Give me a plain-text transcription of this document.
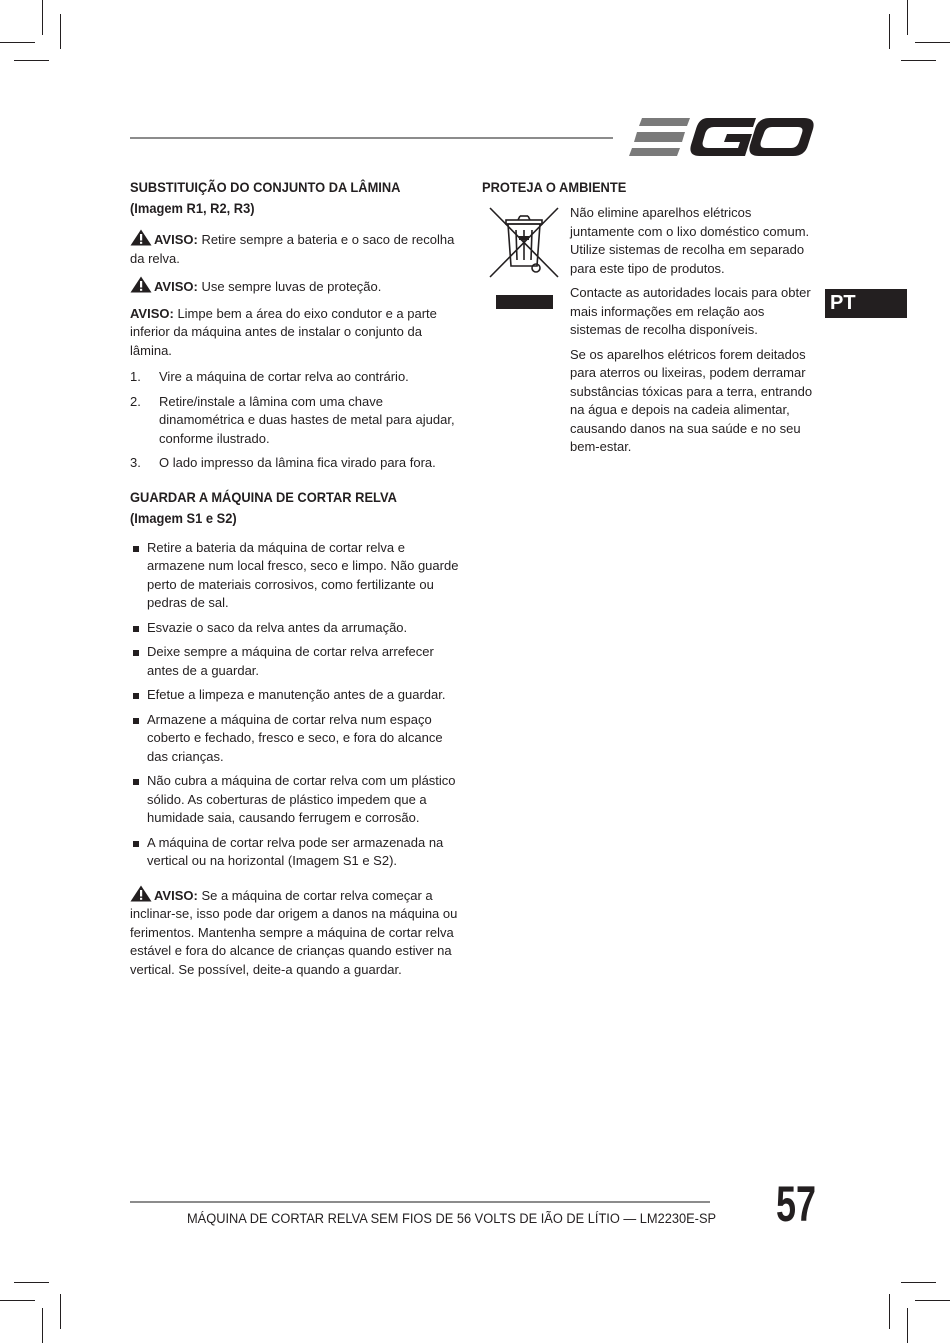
PT
SUBSTITUIÇÃO DO CONJUNTO DA LÂMINA
(Imagem R1, R2, R3)

AVISO: Retire sempre a bateria e o saco de recolha da relva.

AVISO: Use sempre luvas de proteção.

AVISO: Limpe bem a área do eixo condutor e a parte inferior da máquina antes de instalar o conjunto da lâmina.

1. Vire a máquina de cortar relva ao contrário.
2. Retire/instale a lâmina com uma chave dinamométrica e duas hastes de metal para ajudar, conforme ilustrado.
3. O lado impresso da lâmina fica virado para fora.
GUARDAR A MÁQUINA DE CORTAR RELVA
(Imagem S1 e S2)
Retire a bateria da máquina de cortar relva e armazene num local fresco, seco e limpo. Não guarde perto de materiais corrosivos, como fertilizante ou pedras de sal.
Esvazie o saco da relva antes da arrumação.
Deixe sempre a máquina de cortar relva arrefecer antes de a guardar.
Efetue a limpeza e manutenção antes de a guardar.
Armazene a máquina de cortar relva num espaço coberto e fechado, fresco e seco, e fora do alcance das crianças.
Não cubra a máquina de cortar relva com um plástico sólido. As coberturas de plástico impedem que a humidade saia, causando ferrugem e corrosão.
A máquina de cortar relva pode ser armazenada na vertical ou na horizontal (Imagem S1 e S2).

AVISO: Se a máquina de cortar relva começar a inclinar-se, isso pode dar origem a danos na máquina ou ferimentos. Mantenha sempre a máquina de cortar relva estável e fora do alcance de crianças quando estiver na vertical. Se possível, deite-a quando a guardar.

PROTEJA O AMBIENTE

Não elimine aparelhos elétricos juntamente com o lixo doméstico comum. Utilize sistemas de recolha em separado para este tipo de produtos.

Contacte as autoridades locais para obter mais informações em relação aos sistemas de recolha disponíveis.

Se os aparelhos elétricos forem deitados para aterros ou lixeiras, podem derramar substâncias tóxicas para a terra, entrando na água e depois na cadeia alimentar, causando danos na sua saúde e no seu bem-estar.

MÁQUINA DE CORTAR RELVA SEM FIOS DE 56 VOLTS DE IÃO DE LÍTIO — LM2230E-SP 57
